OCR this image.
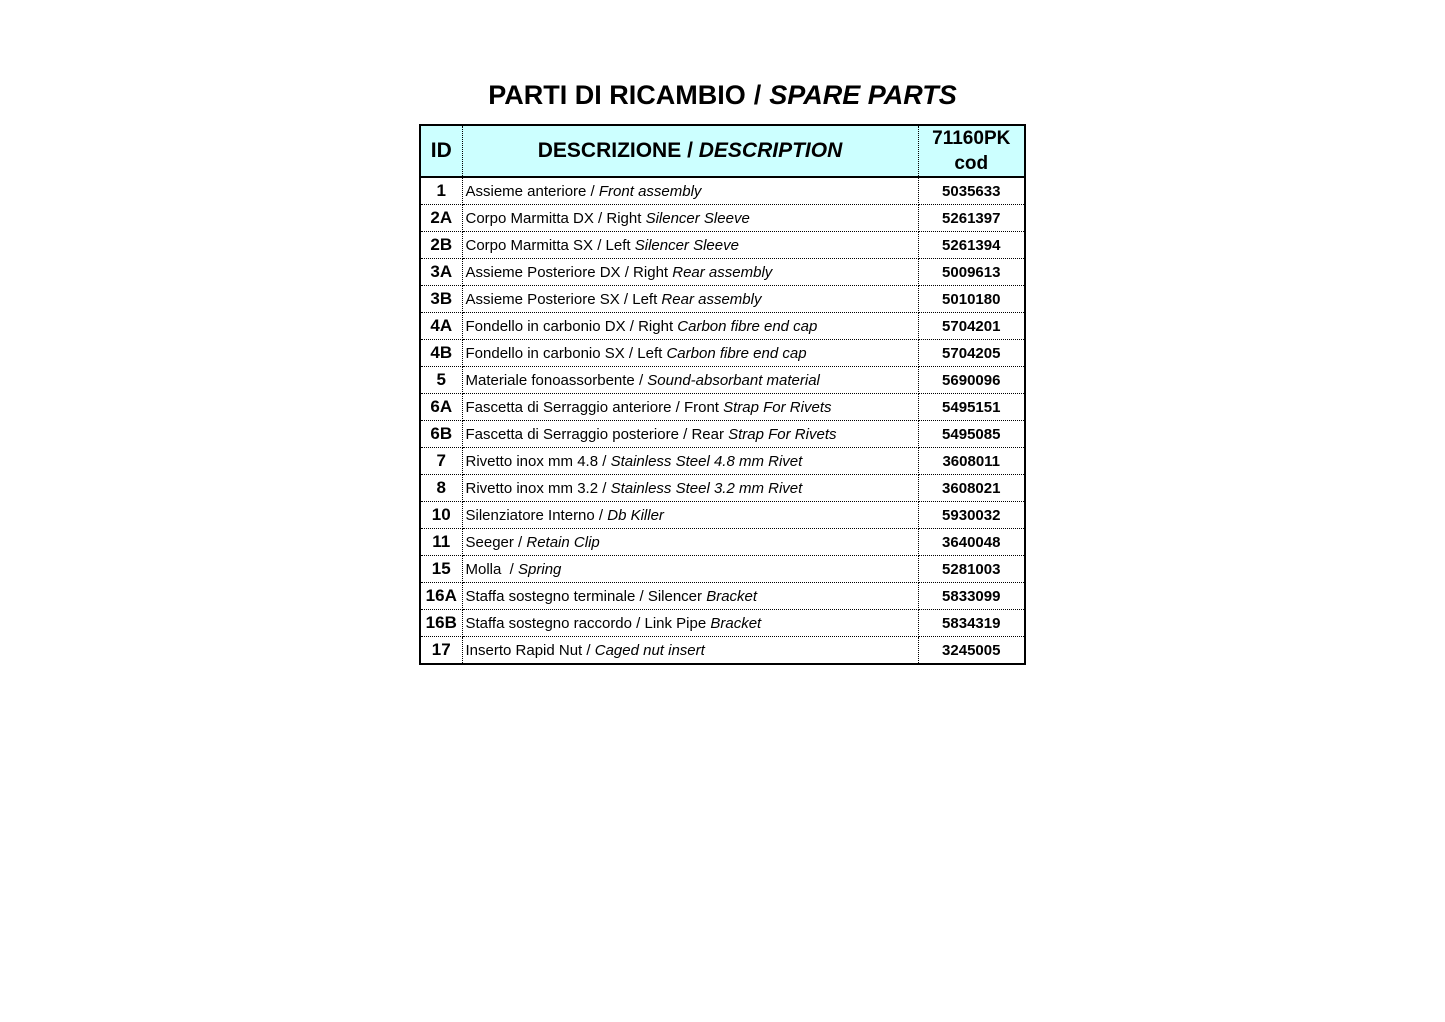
PARTI DI RICAMBIO / SPARE PARTS
ID	DESCRIZIONE / DESCRIPTION	71160PK
cod

1	Assieme anteriore / Front assembly	5035633
2A	Corpo Marmitta DX / Right Silencer Sleeve	5261397
2B	Corpo Marmitta SX / Left Silencer Sleeve	5261394
3A	Assieme Posteriore DX / Right Rear assembly	5009613
3B	Assieme Posteriore SX / Left Rear assembly	5010180
4A	Fondello in carbonio DX / Right Carbon fibre end cap	5704201
4B	Fondello in carbonio SX / Left Carbon fibre end cap	5704205
5	Materiale fonoassorbente / Sound-absorbant material	5690096
6A	Fascetta di Serraggio anteriore / Front Strap For Rivets	5495151
6B	Fascetta di Serraggio posteriore / Rear Strap For Rivets	5495085
7	Rivetto inox mm 4.8 / Stainless Steel 4.8 mm Rivet	3608011
8	Rivetto inox mm 3.2 / Stainless Steel 3.2 mm Rivet	3608021
10	Silenziatore Interno / Db Killer	5930032
11	Seeger / Retain Clip	3640048
15	Molla  / Spring	5281003
16A	Staffa sostegno terminale / Silencer Bracket	5833099
16B	Staffa sostegno raccordo / Link Pipe Bracket	5834319
17	Inserto Rapid Nut / Caged nut insert	3245005
